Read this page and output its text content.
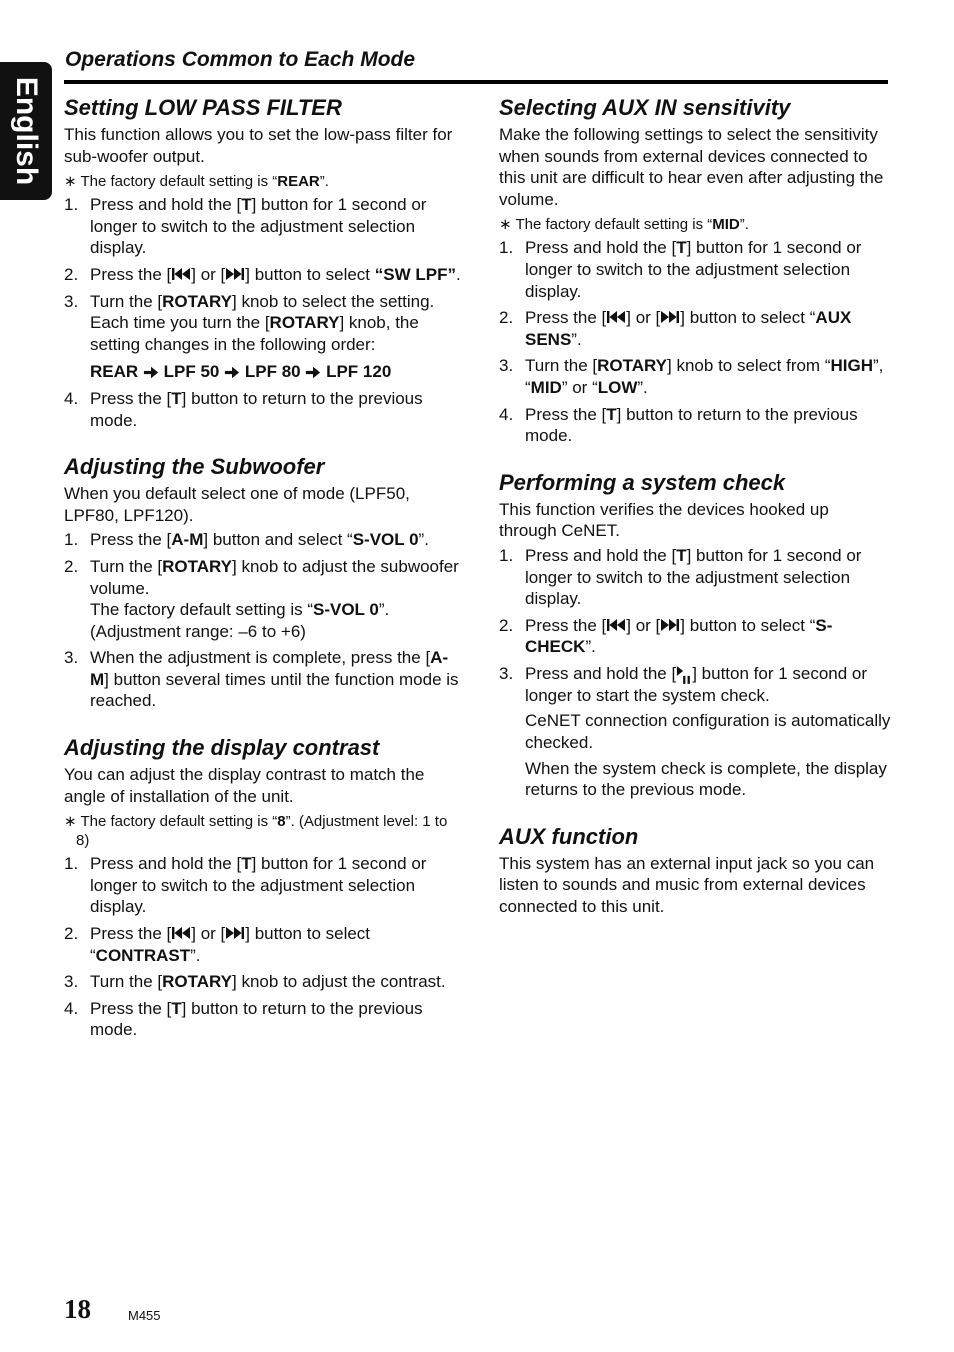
English
Operations Common to Each Mode
Setting LOW PASS FILTER

This function allows you to set the low-pass filter for sub-woofer output.

∗ The factory default setting is “REAR”.

1. Press and hold the [T] button for 1 second or longer to switch to the adjustment selection display.
2. Press the [ ] or [ ] button to select “SW LPF”.
3. Turn the [ROTARY] knob to select the setting. Each time you turn the [ROTARY] knob, the setting changes in the following order:

REAR LPF 50 LPF 80 LPF 120

4. Press the [T] button to return to the previous mode.
Adjusting the Subwoofer

When you default select one of mode (LPF50, LPF80, LPF120).

1. Press the [A-M] button and select “S-VOL 0”.
2. Turn the [ROTARY] knob to adjust the subwoofer volume.
The factory default setting is “S-VOL 0”. (Adjustment range: –6 to +6)
3. When the adjustment is complete, press the [A-M] button several times until the function mode is reached.
Adjusting the display contrast

You can adjust the display contrast to match the angle of installation of the unit.

∗ The factory default setting is “8”. (Adjustment level: 1 to 8)

1. Press and hold the [T] button for 1 second or longer to switch to the adjustment selection display.
2. Press the [ ] or [ ] button to select “CONTRAST”.
3. Turn the [ROTARY] knob to adjust the contrast.
4. Press the [T] button to return to the previous mode.
Selecting AUX IN sensitivity

Make the following settings to select the sensitivity when sounds from external devices connected to this unit are difficult to hear even after adjusting the volume.

∗ The factory default setting is “MID”.

1. Press and hold the [T] button for 1 second or longer to switch to the adjustment selection display.
2. Press the [ ] or [ ] button to select “AUX SENS”.
3. Turn the [ROTARY] knob to select from “HIGH”, “MID” or “LOW”.
4. Press the [T] button to return to the previous mode.
Performing a system check

This function verifies the devices hooked up through CeNET.

1. Press and hold the [T] button for 1 second or longer to switch to the adjustment selection display.
2. Press the [ ] or [ ] button to select “S-CHECK”.
3. Press and hold the [ ] button for 1 second or longer to start the system check.

CeNET connection configuration is automatically checked.

When the system check is complete, the display returns to the previous mode.

AUX function

This system has an external input jack so you can listen to sounds and music from external devices connected to this unit.

18	M455
